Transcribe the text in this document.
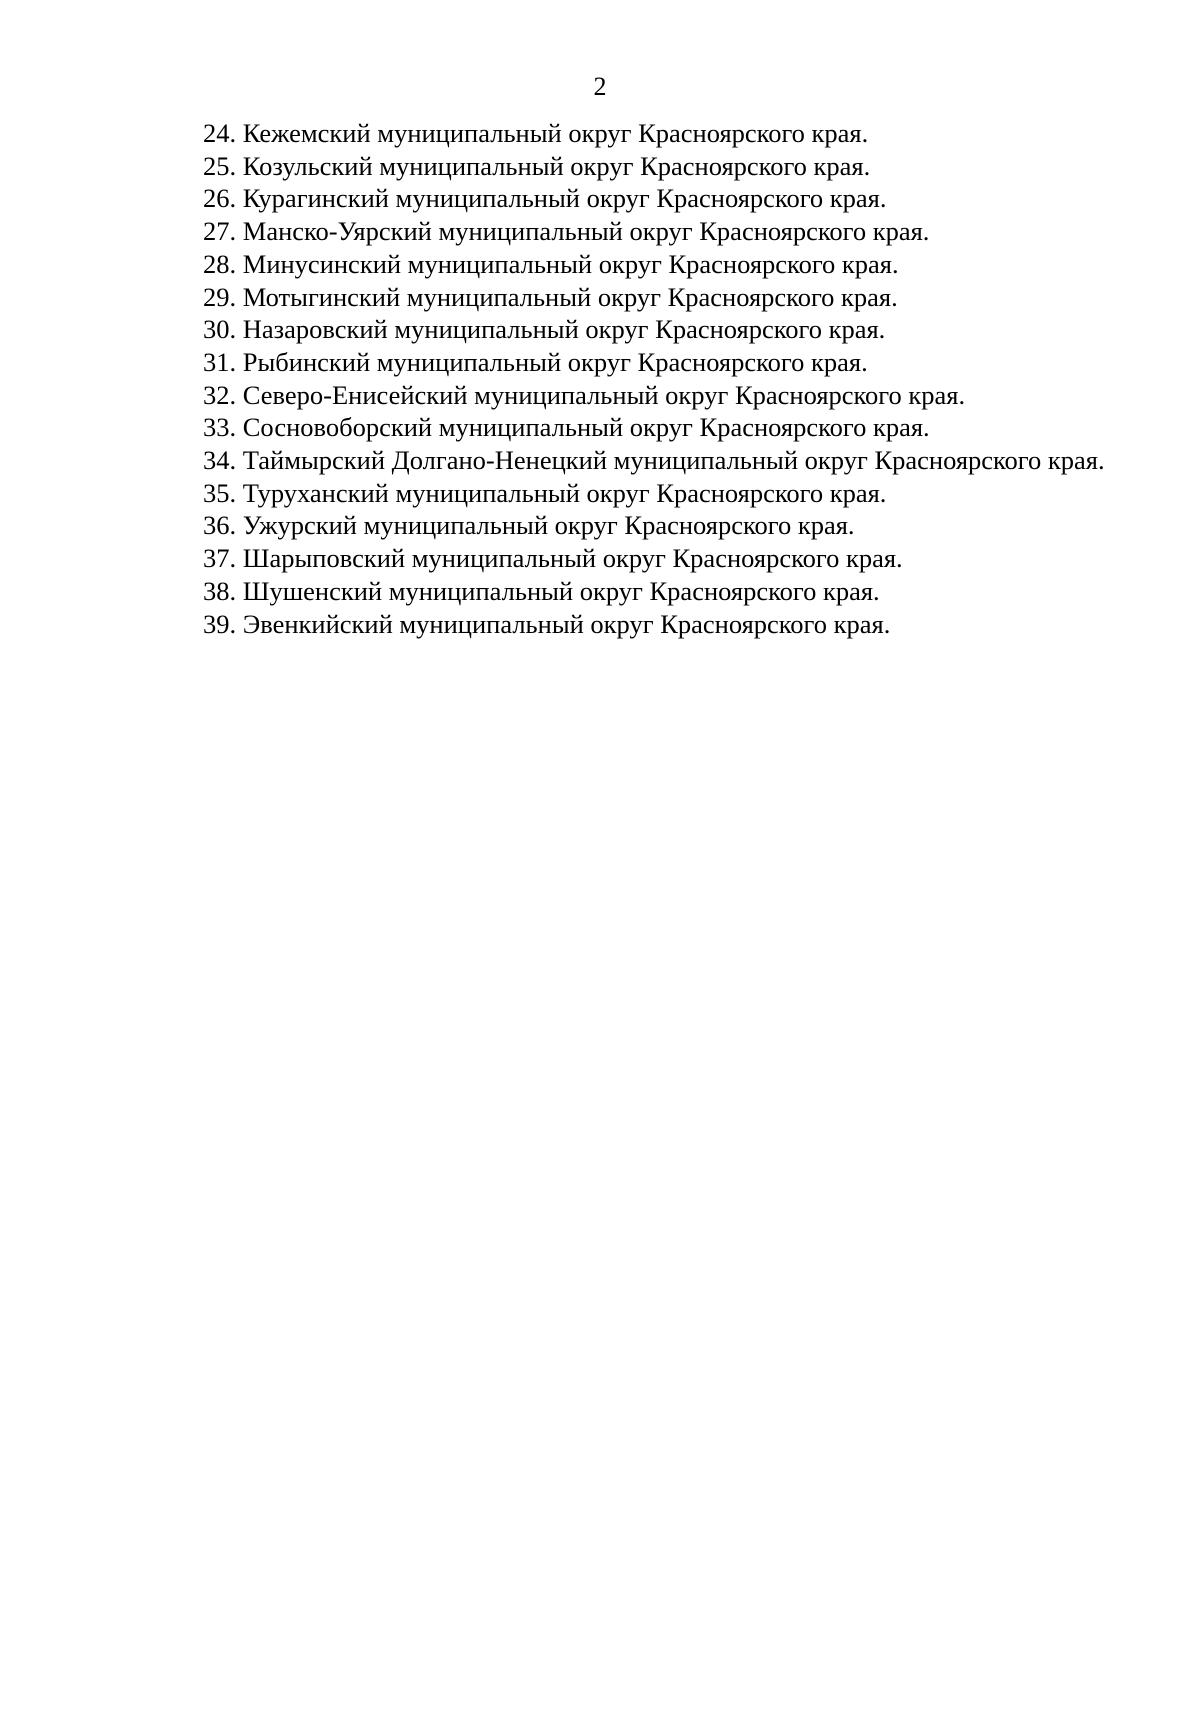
2
24. Кежемский муниципальный округ Красноярского края.
25. Козульский муниципальный округ Красноярского края.
26. Курагинский муниципальный округ Красноярского края.
27. Манско-Уярский муниципальный округ Красноярского края.
28. Минусинский муниципальный округ Красноярского края.
29. Мотыгинский муниципальный округ Красноярского края.
30. Назаровский муниципальный округ Красноярского края.
31. Рыбинский муниципальный округ Красноярского края.
32. Северо-Енисейский муниципальный округ Красноярского края.
33. Сосновоборский муниципальный округ Красноярского края.
34. Таймырский Долгано-Ненецкий муниципальный округ Красноярского края.
35. Туруханский муниципальный округ Красноярского края.
36. Ужурский муниципальный округ Красноярского края.
37. Шарыповский муниципальный округ Красноярского края.
38. Шушенский муниципальный округ Красноярского края.
39. Эвенкийский муниципальный округ Красноярского края.
